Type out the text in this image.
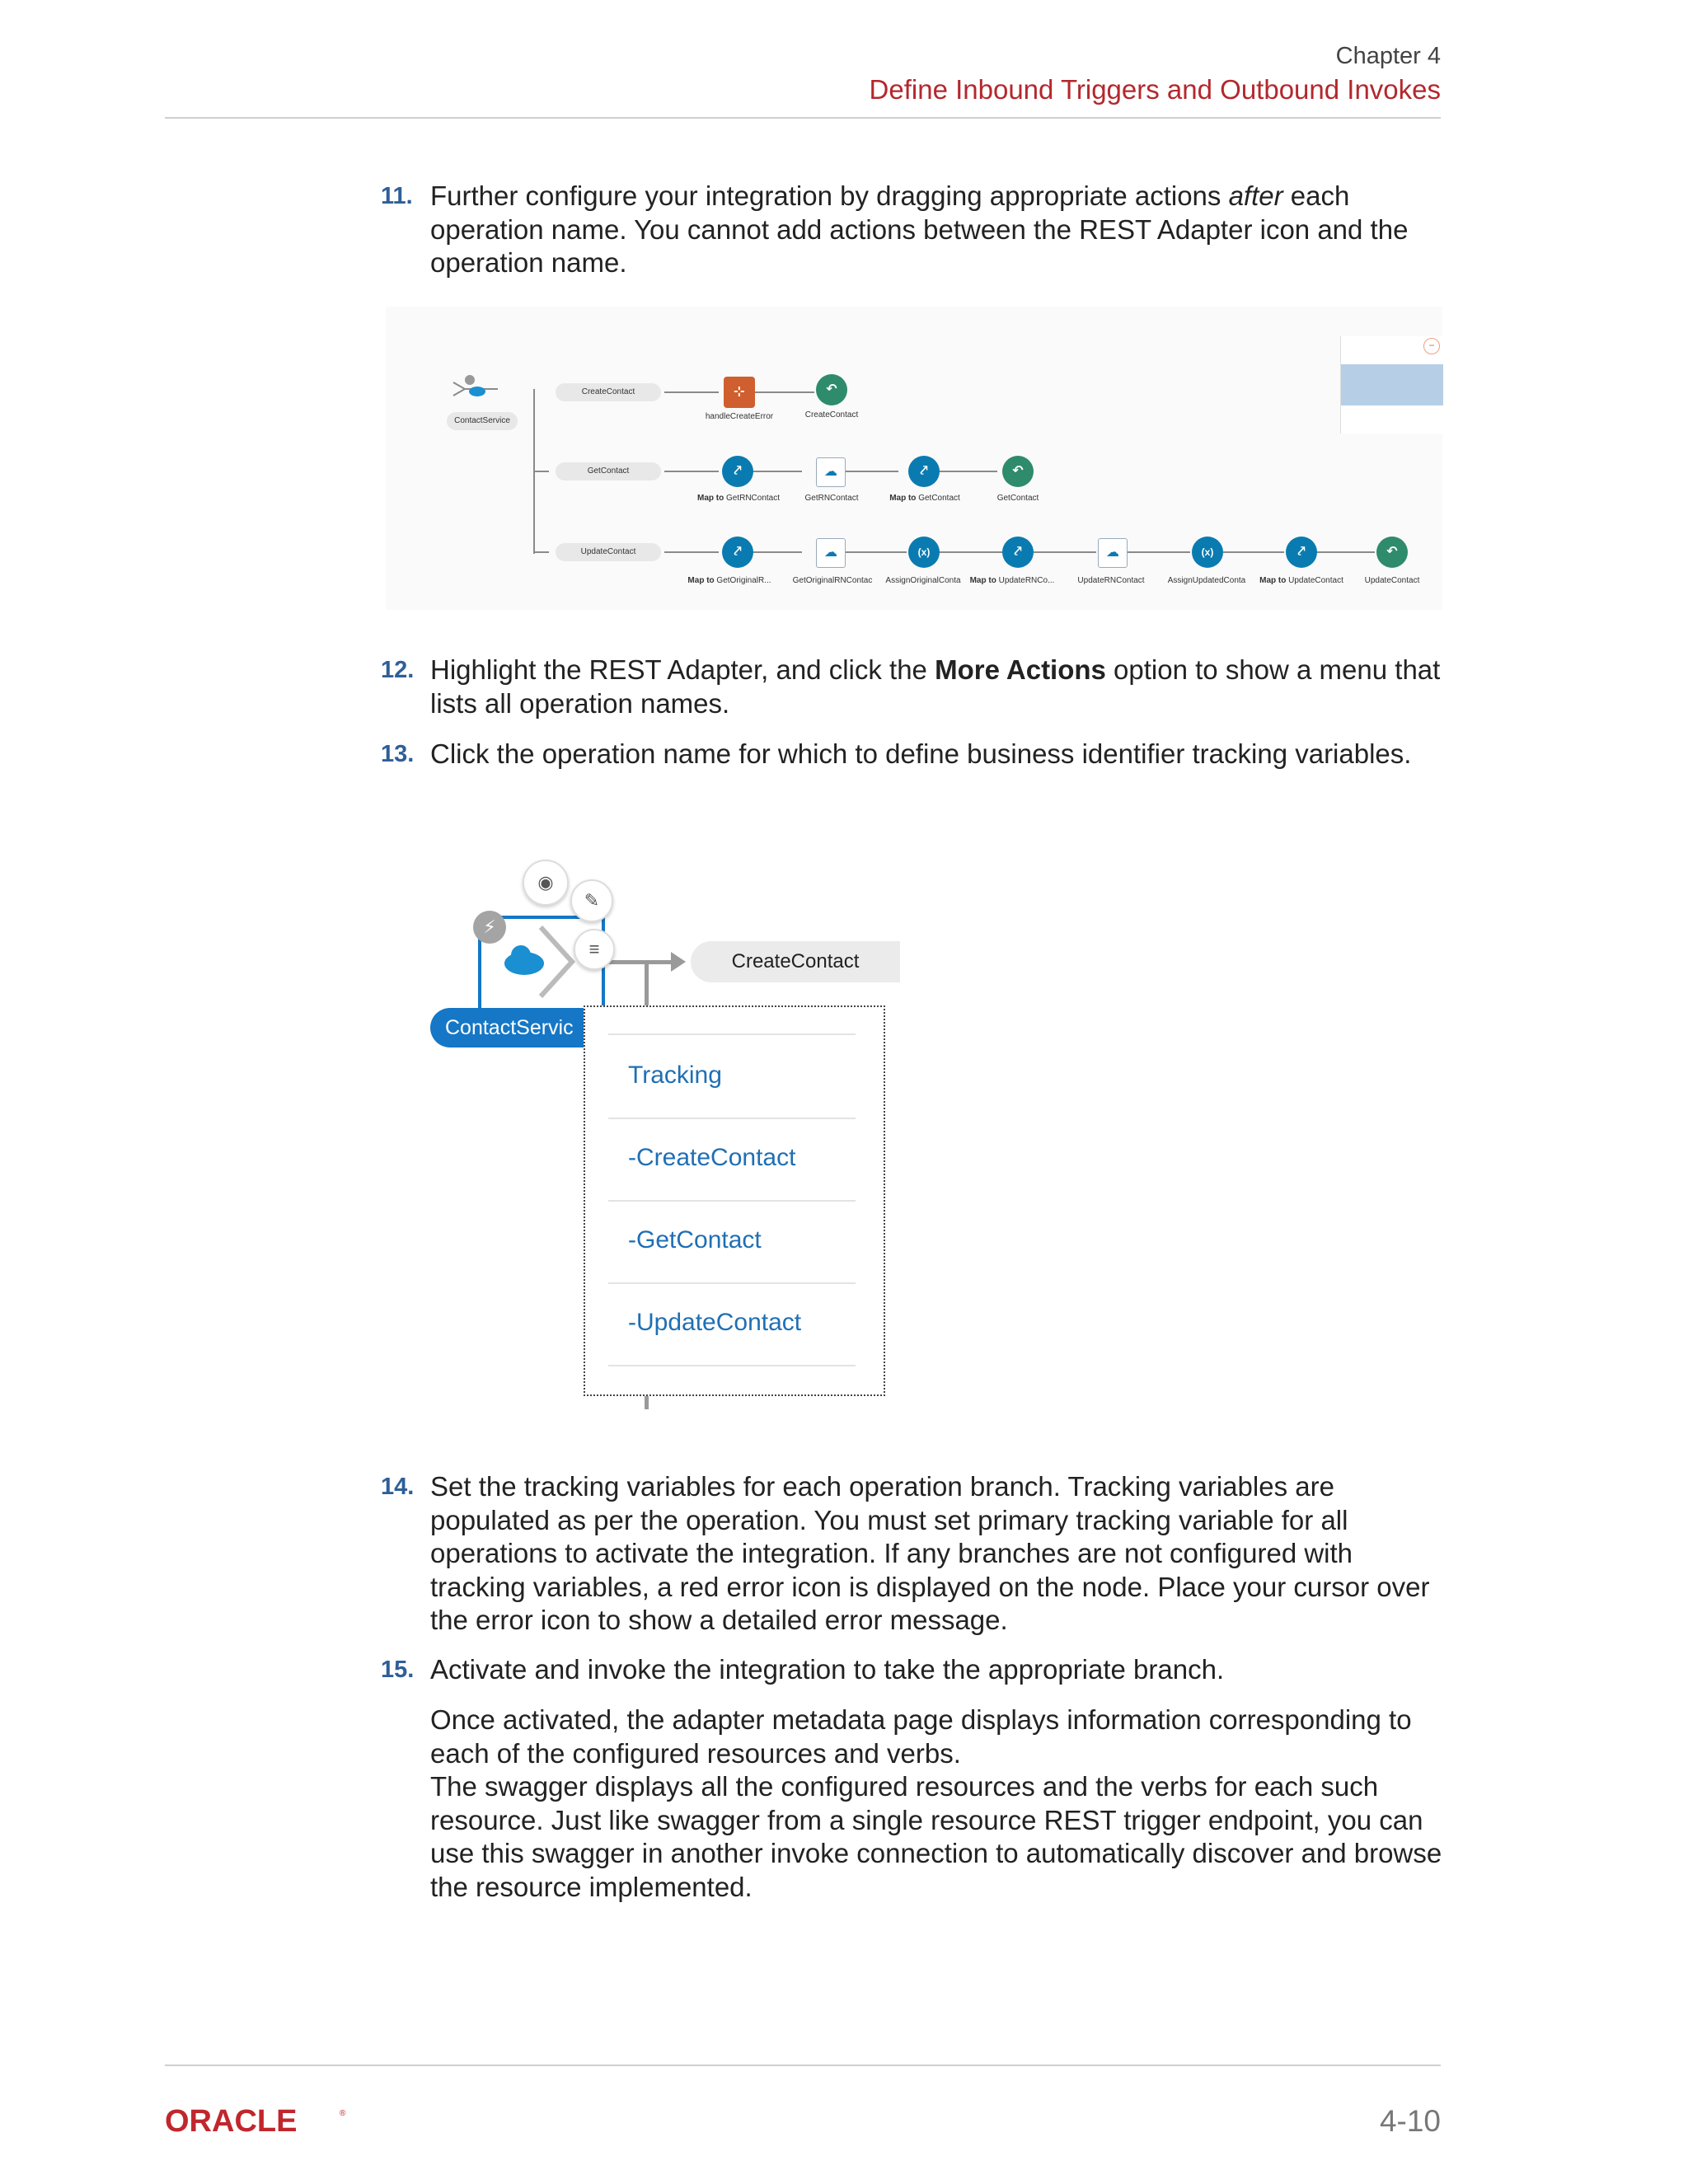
Chapter 4
Define Inbound Triggers and Outbound Invokes
11. Further configure your integration by dragging appropriate actions after each operation name. You cannot add actions between the REST Adapter icon and the operation name.
ContactService
CreateContact
GetContact
UpdateContact
⊹
handleCreateError
↶
CreateContact
⤤
Map to GetRNContact
☁
GetRNContact
⤤
Map to GetContact
↶
GetContact
⤤
Map to GetOriginalR...
☁
GetOriginalRNContac
(x)
AssignOriginalConta
⤤
Map to UpdateRNCo...
☁
UpdateRNContact
(x)
AssignUpdatedConta
⤤
Map to UpdateContact
↶
UpdateContact
−
12. Highlight the REST Adapter, and click the More Actions option to show a menu that lists all operation names.
13. Click the operation name for which to define business identifier tracking variables.
CreateContact
⚡
◉
✎
≡
ContactServic
Tracking
-CreateContact
-GetContact
-UpdateContact
14. Set the tracking variables for each operation branch. Tracking variables are populated as per the operation. You must set primary tracking variable for all operations to activate the integration. If any branches are not configured with tracking variables, a red error icon is displayed on the node. Place your cursor over the error icon to show a detailed error message.
15. Activate and invoke the integration to take the appropriate branch.
Once activated, the adapter metadata page displays information corresponding to each of the configured resources and verbs.
The swagger displays all the configured resources and the verbs for each such resource. Just like swagger from a single resource REST trigger endpoint, you can use this swagger in another invoke connection to automatically discover and browse the resource implemented.
ORACLE	®	4-10
